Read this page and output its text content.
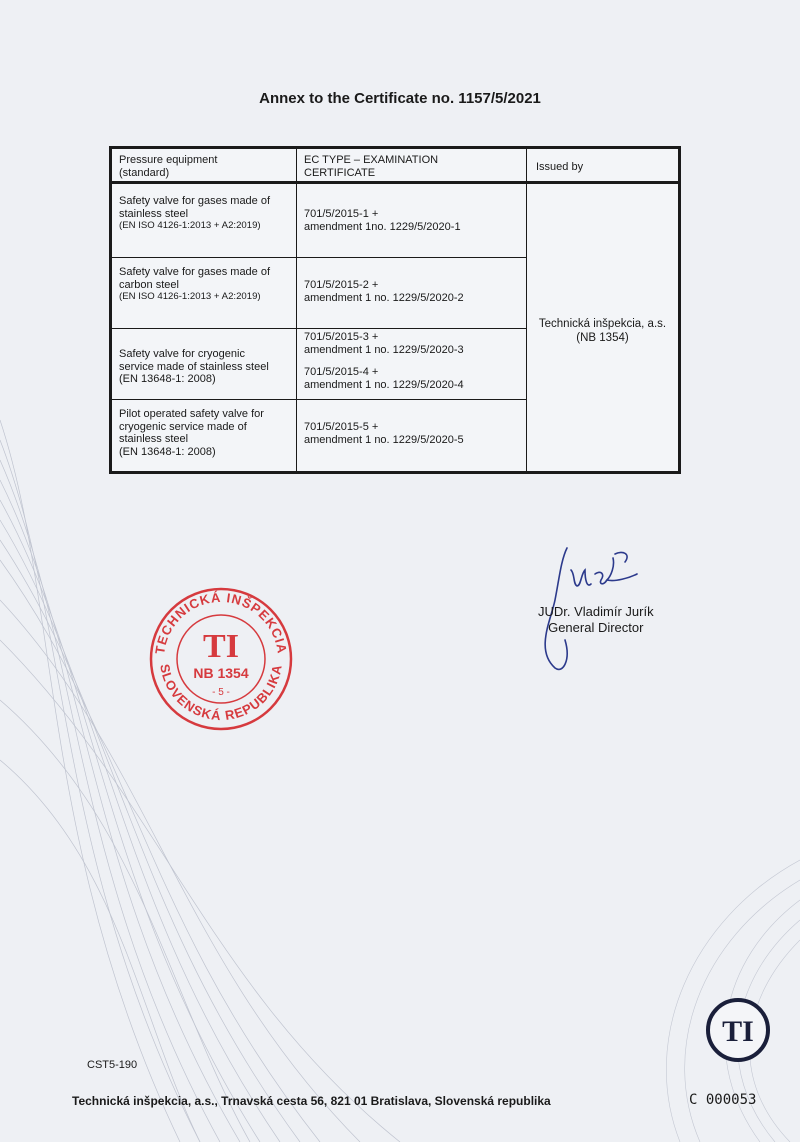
Annex to the Certificate no. 1157/5/2021
Pressure equipment
(standard)
EC TYPE – EXAMINATION
CERTIFICATE	Issued by
Safety valve for gases made of
stainless steel
(EN ISO 4126-1:2013 + A2:2019)
701/5/2015-1 +
amendment 1no. 1229/5/2020-1
Safety valve for gases made of
carbon steel
(EN ISO 4126-1:2013 + A2:2019)
701/5/2015-2 +
amendment 1 no. 1229/5/2020-2
Safety valve for cryogenic
service made of stainless steel
(EN 13648-1: 2008)
701/5/2015-3 +
amendment 1 no. 1229/5/2020-3
701/5/2015-4 +
amendment 1 no. 1229/5/2020-4
Pilot operated safety valve for
cryogenic service made of
stainless steel
(EN 13648-1: 2008)
701/5/2015-5 +
amendment 1 no. 1229/5/2020-5
Technická inšpekcia, a.s.
(NB 1354)
TECHNICKÁ INŠPEKCIA
SLOVENSKÁ REPUBLIKA
TI
NB 1354
- 5 -
JUDr. Vladimír Jurík
General Director
TI
CST5-190
Technická inšpekcia, a.s., Trnavská cesta 56, 821 01 Bratislava, Slovenská republika	C 000053
